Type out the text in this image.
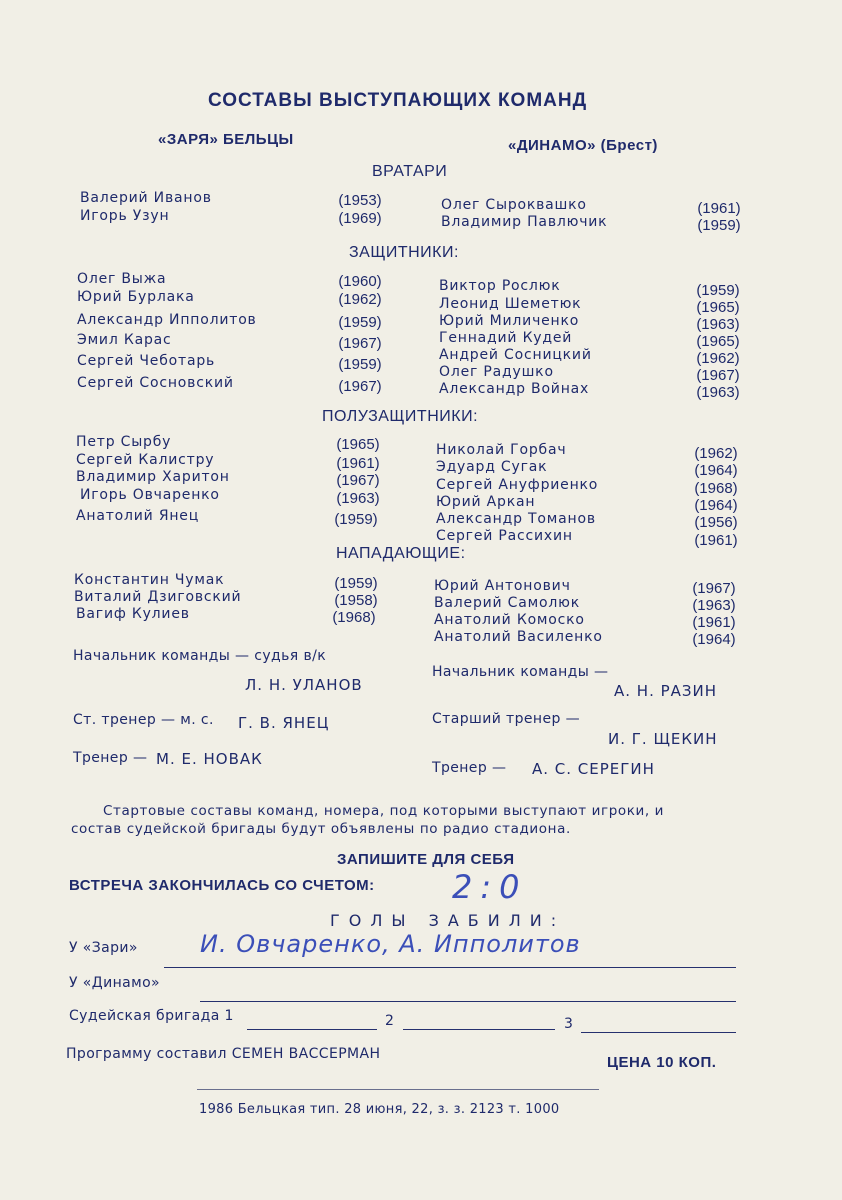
СОСТАВЫ ВЫСТУПАЮЩИХ КОМАНД
«ЗАРЯ» БЕЛЬЦЫ	«ДИНАМО» (Брест)
ВРАТАРИ
ЗАЩИТНИКИ:
ПОЛУЗАЩИТНИКИ:
НАПАДАЮЩИЕ:
Валерий Иванов	(1953)
Игорь Узун	(1969)
Олег Выжа	(1960)
Юрий Бурлака	(1962)
Александр Ипполитов	(1959)
Эмил Карас	(1967)
Сергей Чеботарь	(1959)
Сергей Сосновский	(1967)
Петр Сырбу	(1965)
Сергей Калистру	(1961)
Владимир Харитон	(1967)
Игорь Овчаренко	(1963)
Анатолий Янец	(1959)
Константин Чумак	(1959)
Виталий Дзиговский	(1958)
Вагиф Кулиев	(1968)
Олег Сыроквашко	(1961)
Владимир Павлючик	(1959)
Виктор Рослюк	(1959)
Леонид Шеметюк	(1965)
Юрий Миличенко	(1963)
Геннадий Кудей	(1965)
Андрей Сосницкий	(1962)
Олег Радушко	(1967)
Александр Войнах	(1963)
Николай Горбач	(1962)
Эдуард Сугак	(1964)
Сергей Ануфриенко	(1968)
Юрий Аркан	(1964)
Александр Томанов	(1956)
Сергей Рассихин	(1961)
Юрий Антонович	(1967)
Валерий Самолюк	(1963)
Анатолий Комоско	(1961)
Анатолий Василенко	(1964)
Начальник команды — судья в/к
Л. Н. УЛАНОВ
Ст. тренер — м. с. Г. В. ЯНЕЦ
Тренер — М. Е. НОВАК
Начальник команды —
А. Н. РАЗИН
Старший тренер —
И. Г. ЩЕКИН
Тренер — А. С. СЕРЕГИН
Стартовые составы команд, номера, под которыми выступают игроки, и
состав судейской бригады будут объявлены по радио стадиона.
ЗАПИШИТЕ ДЛЯ СЕБЯ
ВСТРЕЧА ЗАКОНЧИЛАСЬ СО СЧЕТОМ: 2:0
ГОЛЫ ЗАБИЛИ:
У «Зари»	И. Овчаренко, А. Ипполитов
У «Динамо»
Судейская бригада 1	2	3
Программу составил СЕМЕН ВАССЕРМАН	ЦЕНА 10 КОП.
1986 Бельцкая тип. 28 июня, 22, з. з. 2123 т. 1000
